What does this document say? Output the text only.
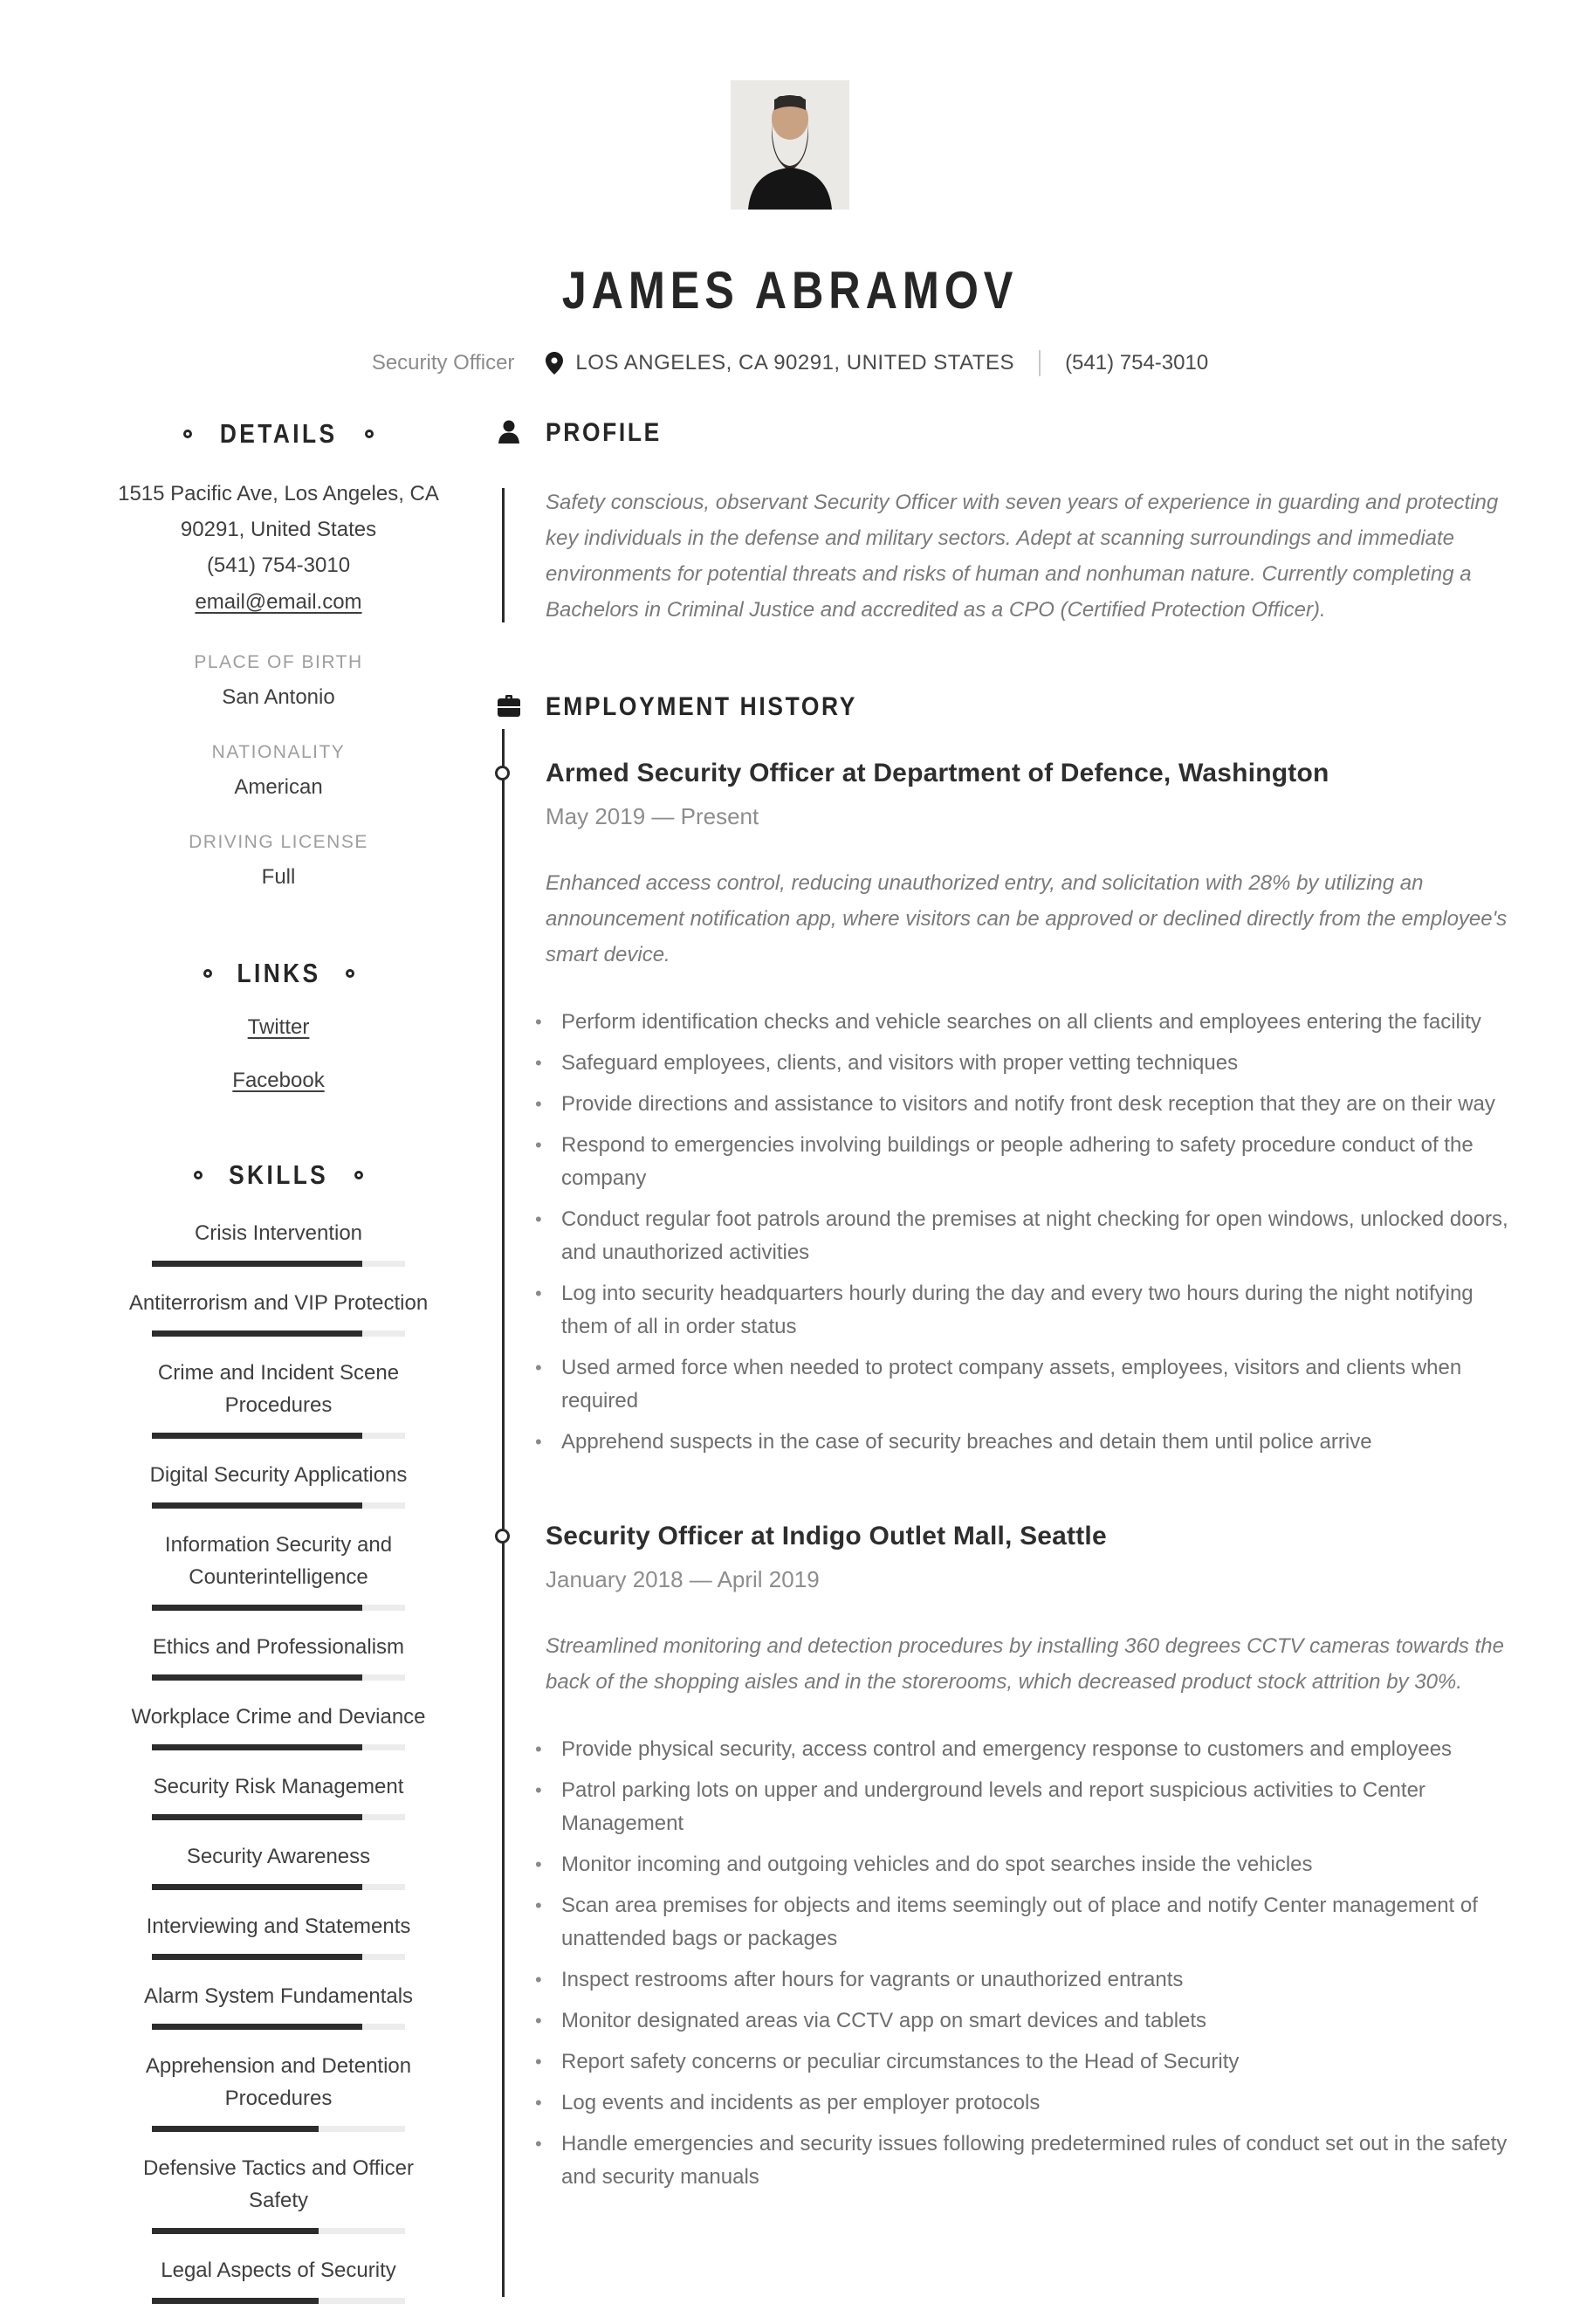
JAMES ABRAMOV
Security Officer	LOS ANGELES, CA 90291, UNITED STATES (541) 754-3010
DETAILS
1515 Pacific Ave, Los Angeles, CA 90291, United States
(541) 754-3010
email@email.com
PLACE OF BIRTH
San Antonio
NATIONALITY
American
DRIVING LICENSE
Full
LINKS
Twitter
Facebook
SKILLS
Crisis Intervention
Antiterrorism and VIP Protection
Crime and Incident Scene Procedures
Digital Security Applications
Information Security and Counterintelligence
Ethics and Professionalism
Workplace Crime and Deviance
Security Risk Management
Security Awareness
Interviewing and Statements
Alarm System Fundamentals
Apprehension and Detention Procedures
Defensive Tactics and Officer Safety
Legal Aspects of Security
PROFILE

Safety conscious, observant Security Officer with seven years of experience in guarding and protecting key individuals in the defense and military sectors. Adept at scanning surroundings and immediate environments for potential threats and risks of human and nonhuman nature. Currently completing a Bachelors in Criminal Justice and accredited as a CPO (Certified Protection Officer).

EMPLOYMENT HISTORY
Armed Security Officer at Department of Defence, Washington
May 2019 — Present

Enhanced access control, reducing unauthorized entry, and solicitation with 28% by utilizing an announcement notification app, where visitors can be approved or declined directly from the employee's smart device.

• Perform identification checks and vehicle searches on all clients and employees entering the facility
• Safeguard employees, clients, and visitors with proper vetting techniques
• Provide directions and assistance to visitors and notify front desk reception that they are on their way
• Respond to emergencies involving buildings or people adhering to safety procedure conduct of the company
• Conduct regular foot patrols around the premises at night checking for open windows, unlocked doors, and unauthorized activities
• Log into security headquarters hourly during the day and every two hours during the night notifying them of all in order status
• Used armed force when needed to protect company assets, employees, visitors and clients when required
• Apprehend suspects in the case of security breaches and detain them until police arrive
Security Officer at Indigo Outlet Mall, Seattle
January 2018 — April 2019

Streamlined monitoring and detection procedures by installing 360 degrees CCTV cameras towards the back of the shopping aisles and in the storerooms, which decreased product stock attrition by 30%.

• Provide physical security, access control and emergency response to customers and employees
• Patrol parking lots on upper and underground levels and report suspicious activities to Center Management
• Monitor incoming and outgoing vehicles and do spot searches inside the vehicles
• Scan area premises for objects and items seemingly out of place and notify Center management of unattended bags or packages
• Inspect restrooms after hours for vagrants or unauthorized entrants
• Monitor designated areas via CCTV app on smart devices and tablets
• Report safety concerns or peculiar circumstances to the Head of Security
• Log events and incidents as per employer protocols
• Handle emergencies and security issues following predetermined rules of conduct set out in the safety and security manuals
